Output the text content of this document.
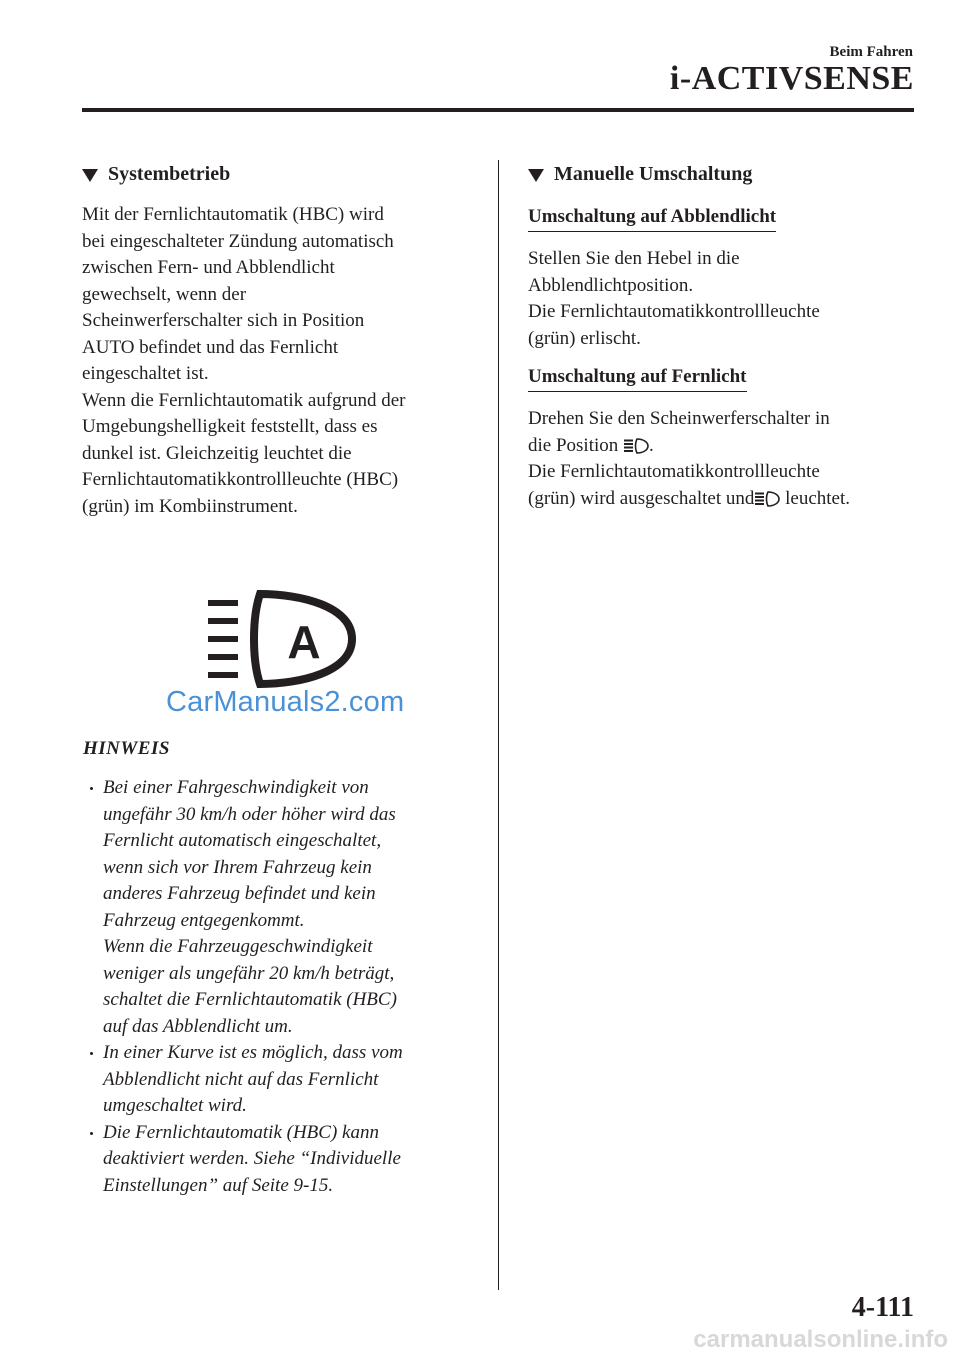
Beim Fahren
i-ACTIVSENSE
Systembetrieb

Mit der Fernlichtautomatik (HBC) wird
bei eingeschalteter Zündung automatisch
zwischen Fern- und Abblendlicht
gewechselt, wenn der
Scheinwerferschalter sich in Position
AUTO befindet und das Fernlicht
eingeschaltet ist.
Wenn die Fernlichtautomatik aufgrund der
Umgebungshelligkeit feststellt, dass es
dunkel ist. Gleichzeitig leuchtet die
Fernlichtautomatikkontrollleuchte (HBC)
(grün) im Kombiinstrument.

A
CarManuals2.com
HINWEIS
Bei einer Fahrgeschwindigkeit von
ungefähr 30 km/h oder höher wird das
Fernlicht automatisch eingeschaltet,
wenn sich vor Ihrem Fahrzeug kein
anderes Fahrzeug befindet und kein
Fahrzeug entgegenkommt.
Wenn die Fahrzeuggeschwindigkeit
weniger als ungefähr 20 km/h beträgt,
schaltet die Fernlichtautomatik (HBC)
auf das Abblendlicht um.
In einer Kurve ist es möglich, dass vom
Abblendlicht nicht auf das Fernlicht
umgeschaltet wird.
Die Fernlichtautomatik (HBC) kann
deaktiviert werden. Siehe “Individuelle
Einstellungen” auf Seite 9-15.
Manuelle Umschaltung
Umschaltung auf Abblendlicht

Stellen Sie den Hebel in die
Abblendlichtposition.
Die Fernlichtautomatikkontrollleuchte
(grün) erlischt.

Umschaltung auf Fernlicht

Drehen Sie den Scheinwerferschalter in
die Position .
Die Fernlichtautomatikkontrollleuchte
(grün) wird ausgeschaltet und leuchtet.

4-111
carmanualsonline.info
